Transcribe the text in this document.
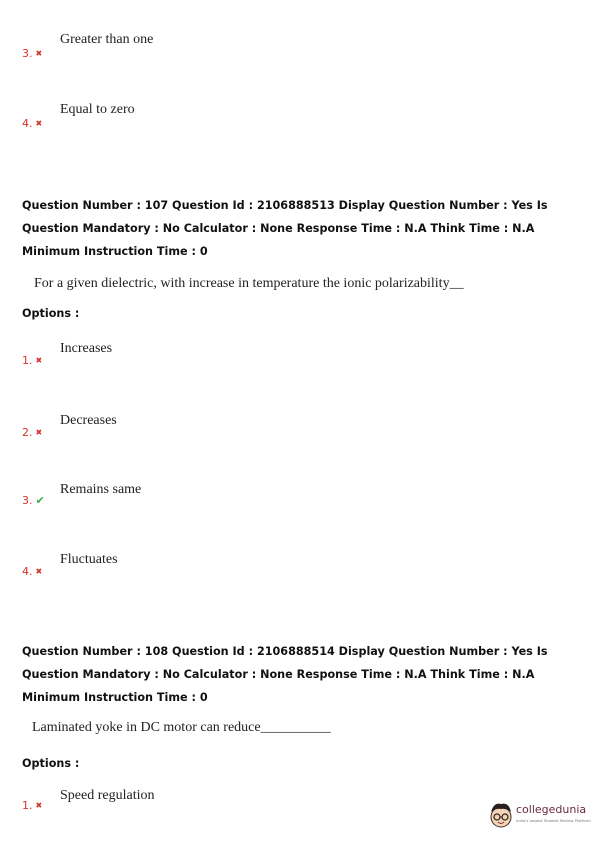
Greater than one
3. ✖
Equal to zero
4. ✖
Question Number : 107 Question Id : 2106888513 Display Question Number : Yes Is Question Mandatory : No Calculator : None Response Time : N.A Think Time : N.A Minimum Instruction Time : 0
For a given dielectric, with increase in temperature the ionic polarizability__
Options :
Increases
1. ✖
Decreases
2. ✖
Remains same
3. ✔
Fluctuates
4. ✖
Question Number : 108 Question Id : 2106888514 Display Question Number : Yes Is Question Mandatory : No Calculator : None Response Time : N.A Think Time : N.A Minimum Instruction Time : 0
Laminated yoke in DC motor can reduce__________
Options :
Speed regulation
1. ✖	collegedunia
India's largest Student Review Platform
